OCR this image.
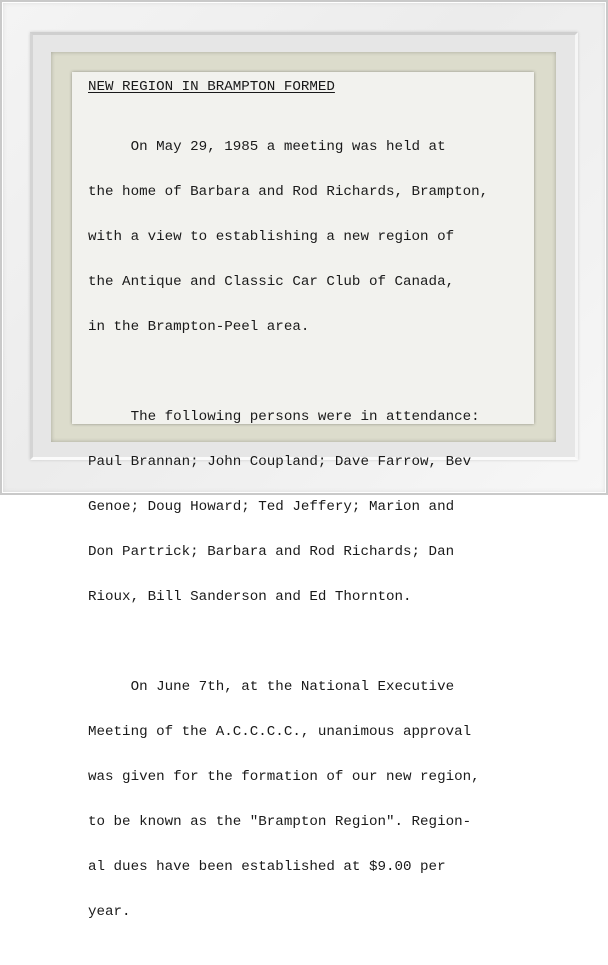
NEW REGION IN BRAMPTON FORMED

On May 29, 1985 a meeting was held at

the home of Barbara and Rod Richards, Brampton,

with a view to establishing a new region of

the Antique and Classic Car Club of Canada,

in the Brampton-Peel area.

The following persons were in attendance:

Paul Brannan; John Coupland; Dave Farrow, Bev

Genoe; Doug Howard; Ted Jeffery; Marion and

Don Partrick; Barbara and Rod Richards; Dan

Rioux, Bill Sanderson and Ed Thornton.

On June 7th, at the National Executive

Meeting of the A.C.C.C.C., unanimous approval

was given for the formation of our new region,

to be known as the "Brampton Region". Region-

al dues have been established at $9.00 per

year.
